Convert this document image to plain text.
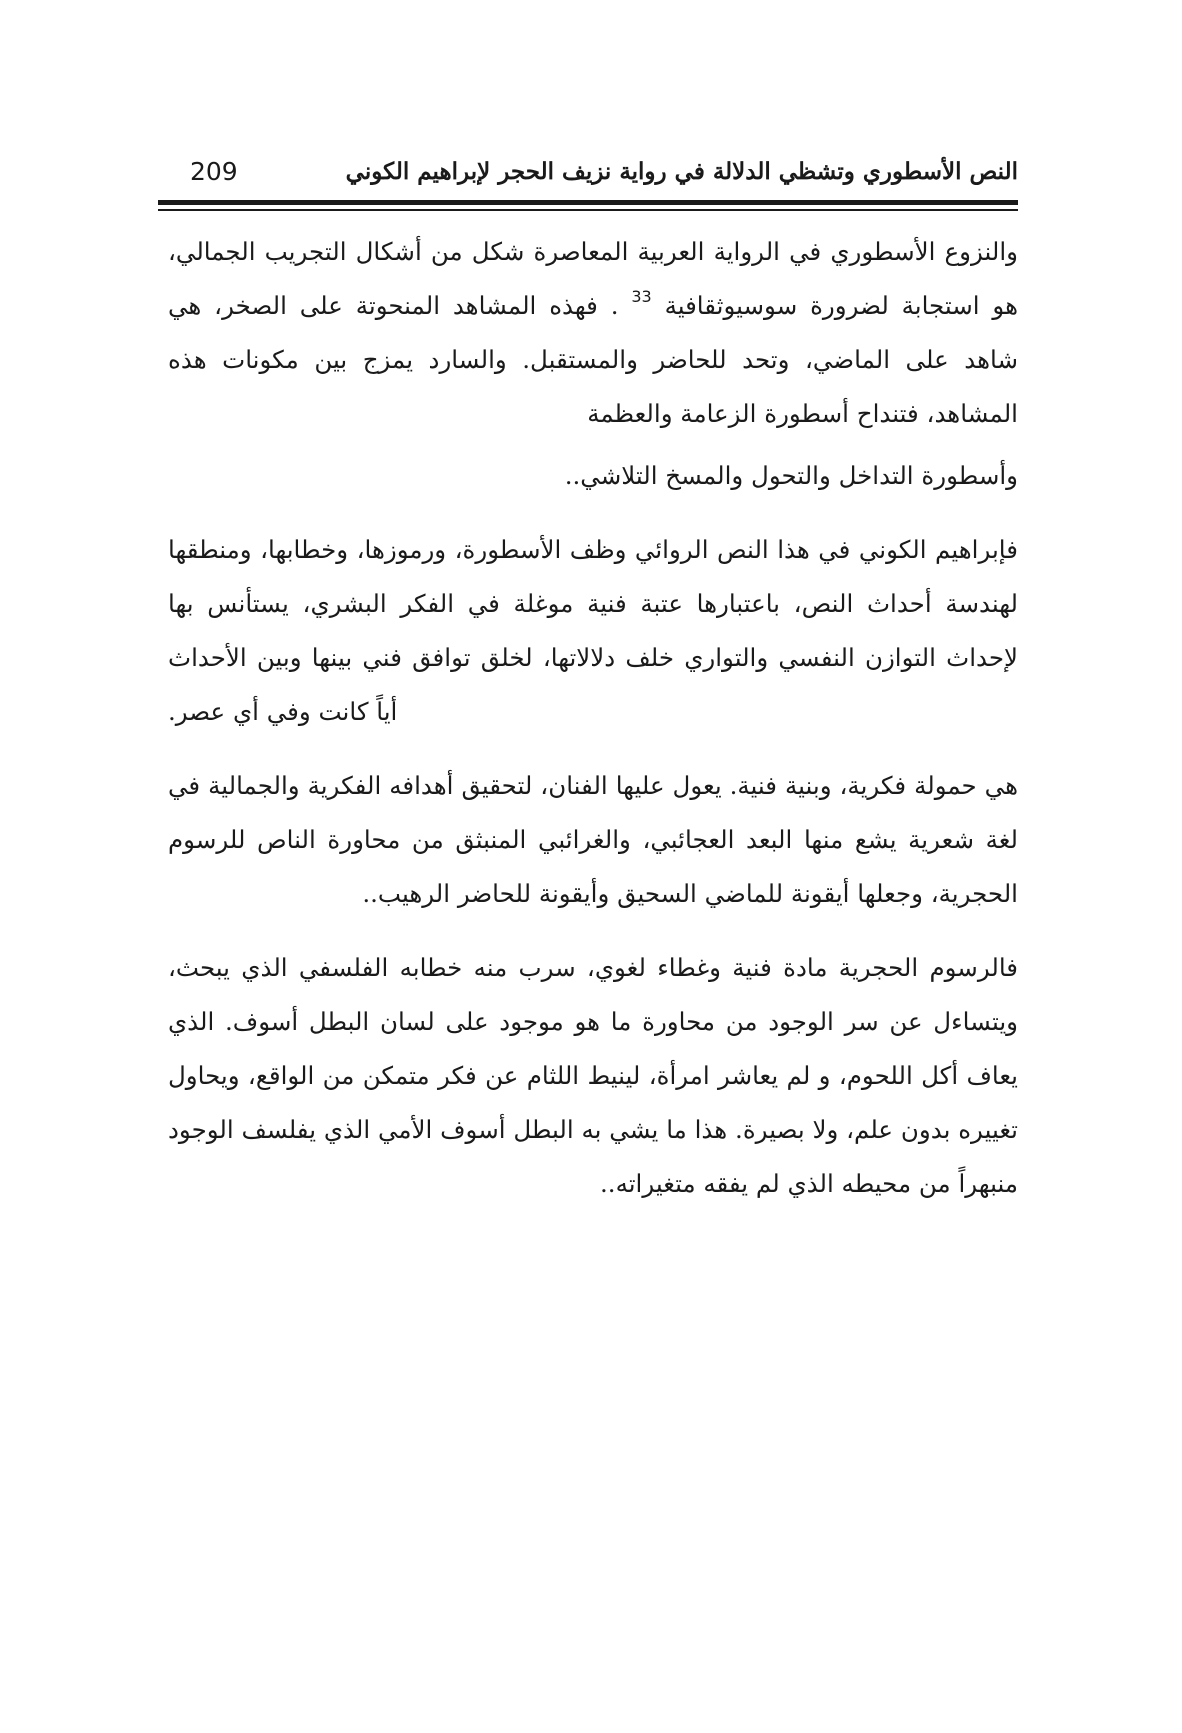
النص الأسطوري وتشظي الدلالة في رواية نزيف الحجر لإبراهيم الكوني
209

والنزوع الأسطوري في الرواية العربية المعاصرة شكل من أشكال التجريب الجمالي، هو استجابة لضرورة سوسيوثقافية $^{33}$ . فهذه المشاهد المنحوتة على الصخر، هي شاهد على الماضي، وتحد للحاضر والمستقبل. والسارد يمزج بين مكونات هذه المشاهد، فتنداح أسطورة الزعامة والعظمة

وأسطورة التداخل والتحول والمسخ التلاشي..

فإبراهيم الكوني في هذا النص الروائي وظف الأسطورة، ورموزها، وخطابها، ومنطقها لهندسة أحداث النص، باعتبارها عتبة فنية موغلة في الفكر البشري، يستأنس بها لإحداث التوازن النفسي والتواري خلف دلالاتها، لخلق توافق فني بينها وبين الأحداث أياً كانت وفي أي عصر.

هي حمولة فكرية، وبنية فنية. يعول عليها الفنان، لتحقيق أهدافه الفكرية والجمالية في لغة شعرية يشع منها البعد العجائبي، والغرائبي المنبثق من محاورة الناص للرسوم الحجرية، وجعلها أيقونة للماضي السحيق وأيقونة للحاضر الرهيب..

فالرسوم الحجرية مادة فنية وغطاء لغوي، سرب منه خطابه الفلسفي الذي يبحث، ويتساءل عن سر الوجود من محاورة ما هو موجود على لسان البطل أسوف. الذي يعاف أكل اللحوم، و لم يعاشر امرأة، لينيط اللثام عن فكر متمكن من الواقع، ويحاول تغييره بدون علم، ولا بصيرة. هذا ما يشي به البطل أسوف الأمي الذي يفلسف الوجود منبهراً من محيطه الذي لم يفقه متغيراته..
